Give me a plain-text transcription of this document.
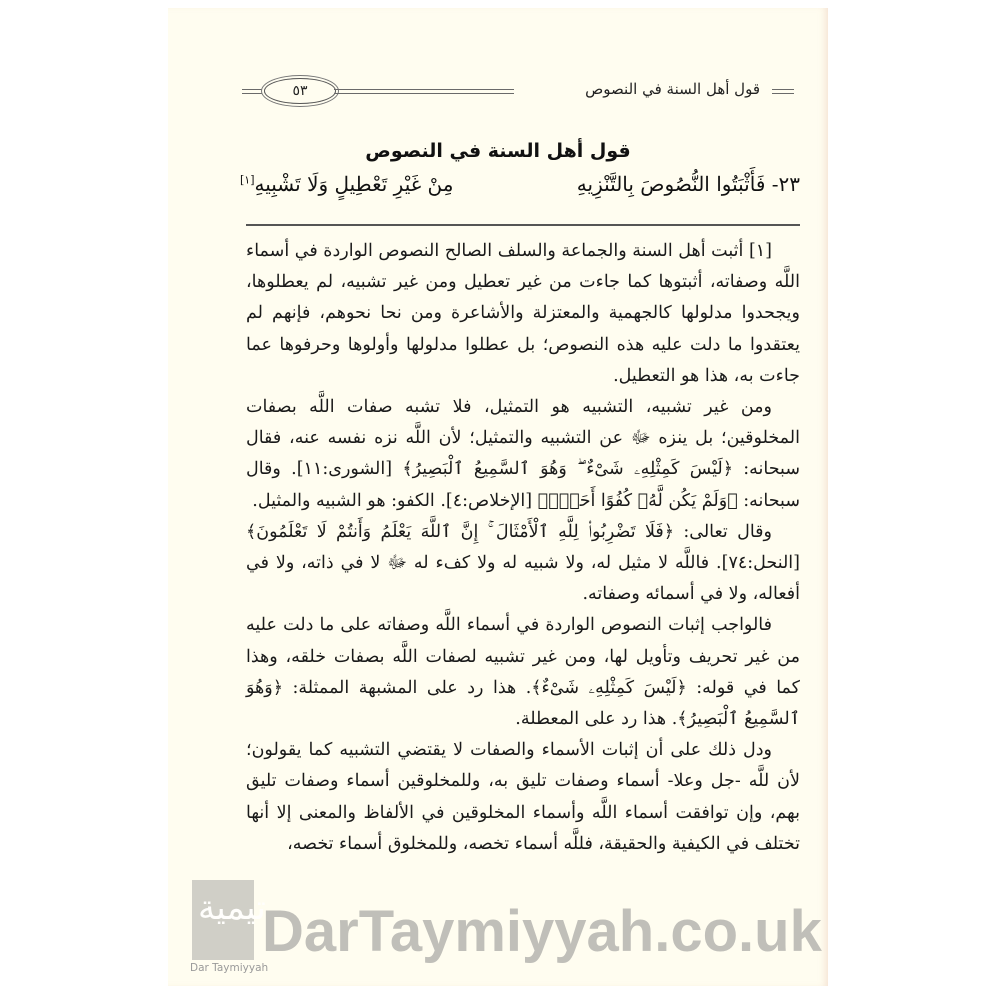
٥٣	قول أهل السنة في النصوص
قول أهل السنة في النصوص
٢٣- فَأَثْبَتُوا النُّصُوصَ بِالتَّنْزِيهِ
مِنْ غَيْرِ تَعْطِيلٍ وَلَا تَشْبِيهِ[١]

[١] أثبت أهل السنة والجماعة والسلف الصالح النصوص الواردة في أسماء اللَّه وصفاته، أثبتوها كما جاءت من غير تعطيل ومن غير تشبيه، لم يعطلوها، ويجحدوا مدلولها كالجهمية والمعتزلة والأشاعرة ومن نحا نحوهم، فإنهم لم يعتقدوا ما دلت عليه هذه النصوص؛ بل عطلوا مدلولها وأولوها وحرفوها عما جاءت به، هذا هو التعطيل.

ومن غير تشبيه، التشبيه هو التمثيل، فلا تشبه صفات اللَّه بصفات المخلوقين؛ بل ينزه ﷻ عن التشبيه والتمثيل؛ لأن اللَّه نزه نفسه عنه، فقال سبحانه: ﴿لَيْسَ كَمِثْلِهِۦ شَىْءٌ ۖ وَهُوَ ٱلسَّمِيعُ ٱلْبَصِيرُ﴾ [الشورى:١١]. وقال سبحانه: ﴿وَلَمْ يَكُن لَّهُۥ كُفُوًا أَحَدٌۢ﴾ [الإخلاص:٤]. الكفو: هو الشبيه والمثيل.

وقال تعالى: ﴿فَلَا تَضْرِبُوا۟ لِلَّهِ ٱلْأَمْثَالَ ۚ إِنَّ ٱللَّهَ يَعْلَمُ وَأَنتُمْ لَا تَعْلَمُونَ﴾ [النحل:٧٤]. فاللَّه لا مثيل له، ولا شبيه له ولا كفء له ﷻ لا في ذاته، ولا في أفعاله، ولا في أسمائه وصفاته.

فالواجب إثبات النصوص الواردة في أسماء اللَّه وصفاته على ما دلت عليه من غير تحريف وتأويل لها، ومن غير تشبيه لصفات اللَّه بصفات خلقه، وهذا كما في قوله: ﴿لَيْسَ كَمِثْلِهِۦ شَىْءٌ﴾. هذا رد على المشبهة الممثلة: ﴿وَهُوَ ٱلسَّمِيعُ ٱلْبَصِيرُ﴾. هذا رد على المعطلة.

ودل ذلك على أن إثبات الأسماء والصفات لا يقتضي التشبيه كما يقولون؛ لأن للَّه -جل وعلا- أسماء وصفات تليق به، وللمخلوقين أسماء وصفات تليق بهم، وإن توافقت أسماء اللَّه وأسماء المخلوقين في الألفاظ والمعنى إلا أنها تختلف في الكيفية والحقيقة، فللَّه أسماء تخصه، وللمخلوق أسماء تخصه،

تيمية
Dar Taymiyyah
DarTaymiyyah.co.uk
